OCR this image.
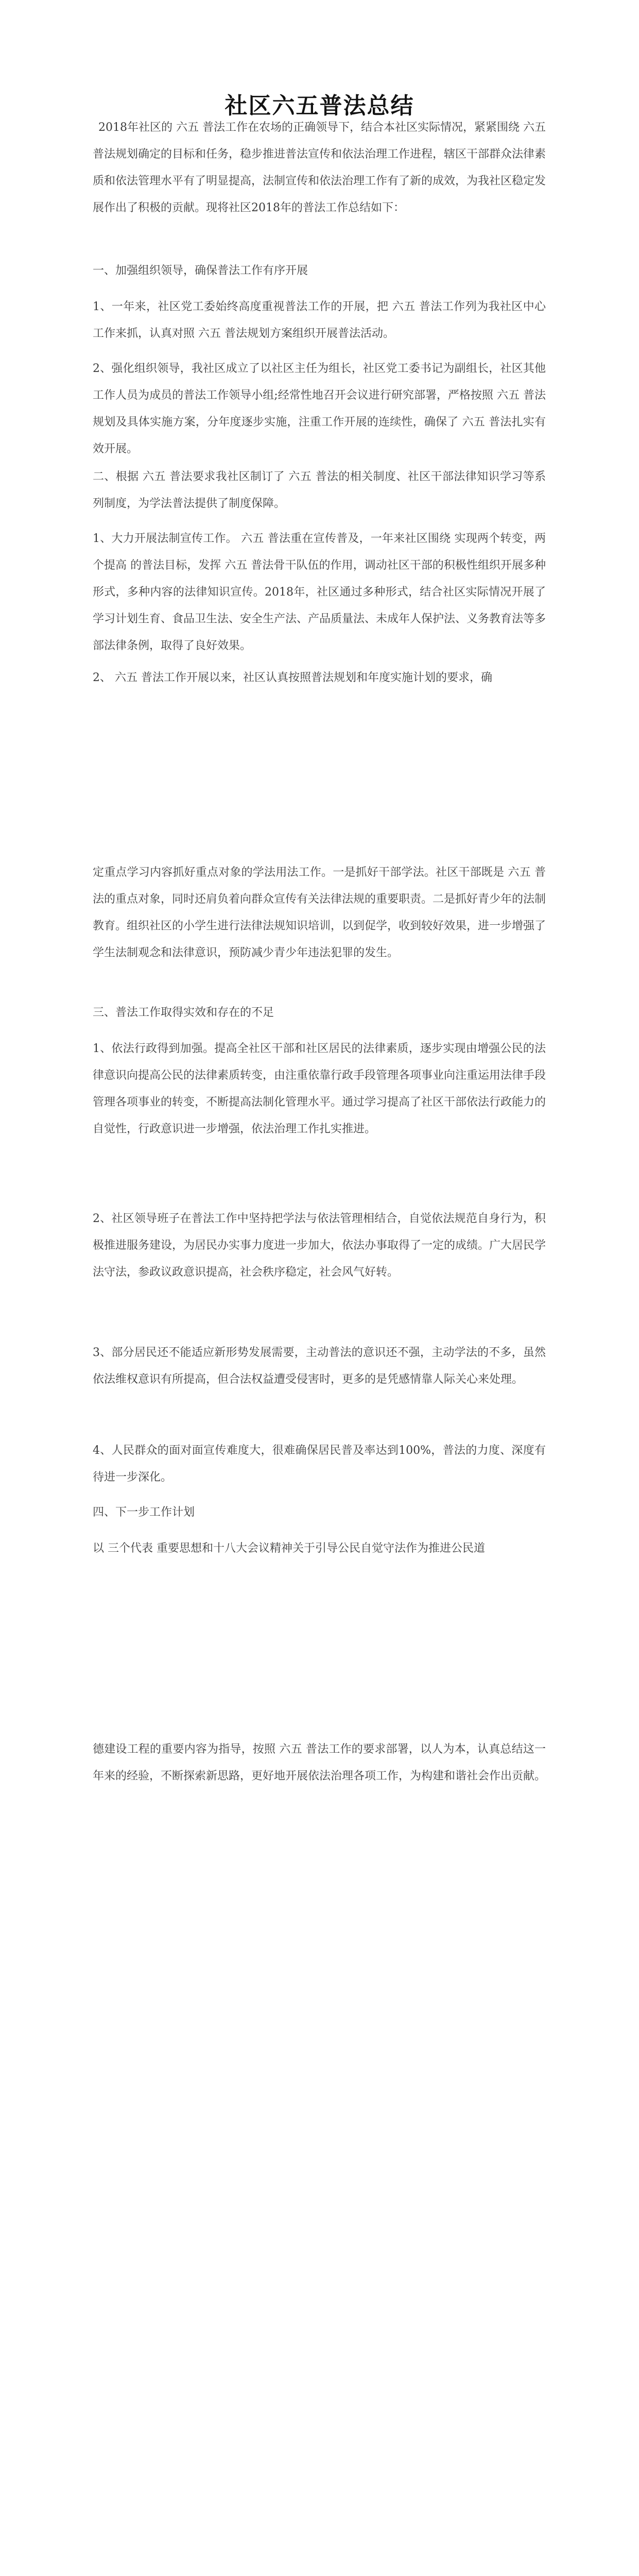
社区六五普法总结

2018年社区的 六五 普法工作在农场的正确领导下，结合本社区实际情况，紧紧围绕 六五 普法规划确定的目标和任务，稳步推进普法宣传和依法治理工作进程，辖区干部群众法律素质和依法管理水平有了明显提高，法制宣传和依法治理工作有了新的成效，为我社区稳定发展作出了积极的贡献。现将社区2018年的普法工作总结如下：

一、加强组织领导，确保普法工作有序开展

1、一年来，社区党工委始终高度重视普法工作的开展，把 六五 普法工作列为我社区中心工作来抓，认真对照 六五 普法规划方案组织开展普法活动。

2、强化组织领导，我社区成立了以社区主任为组长，社区党工委书记为副组长，社区其他工作人员为成员的普法工作领导小组;经常性地召开会议进行研究部署，严格按照 六五 普法规划及具体实施方案，分年度逐步实施，注重工作开展的连续性，确保了 六五 普法扎实有效开展。

二、根据 六五 普法要求我社区制订了 六五 普法的相关制度、社区干部法律知识学习等系列制度，为学法普法提供了制度保障。

1、大力开展法制宣传工作。 六五 普法重在宣传普及，一年来社区围绕 实现两个转变，两个提高 的普法目标，发挥 六五 普法骨干队伍的作用，调动社区干部的积极性组织开展多种形式，多种内容的法律知识宣传。2018年，社区通过多种形式，结合社区实际情况开展了学习计划生育、食品卫生法、安全生产法、产品质量法、未成年人保护法、义务教育法等多部法律条例，取得了良好效果。

2、 六五 普法工作开展以来，社区认真按照普法规划和年度实施计划的要求，确

定重点学习内容抓好重点对象的学法用法工作。一是抓好干部学法。社区干部既是 六五 普法的重点对象，同时还肩负着向群众宣传有关法律法规的重要职责。二是抓好青少年的法制教育。组织社区的小学生进行法律法规知识培训，以到促学，收到较好效果，进一步增强了学生法制观念和法律意识，预防减少青少年违法犯罪的发生。

三、普法工作取得实效和存在的不足

1、依法行政得到加强。提高全社区干部和社区居民的法律素质，逐步实现由增强公民的法律意识向提高公民的法律素质转变，由注重依靠行政手段管理各项事业向注重运用法律手段管理各项事业的转变，不断提高法制化管理水平。通过学习提高了社区干部依法行政能力的自觉性，行政意识进一步增强，依法治理工作扎实推进。

2、社区领导班子在普法工作中坚持把学法与依法管理相结合，自觉依法规范自身行为，积极推进服务建设，为居民办实事力度进一步加大，依法办事取得了一定的成绩。广大居民学法守法，参政议政意识提高，社会秩序稳定，社会风气好转。

3、部分居民还不能适应新形势发展需要，主动普法的意识还不强，主动学法的不多，虽然依法维权意识有所提高，但合法权益遭受侵害时，更多的是凭感情靠人际关心来处理。

4、人民群众的面对面宣传难度大，很难确保居民普及率达到100%，普法的力度、深度有待进一步深化。

四、下一步工作计划

以 三个代表 重要思想和十八大会议精神关于引导公民自觉守法作为推进公民道

德建设工程的重要内容为指导，按照 六五 普法工作的要求部署，以人为本，认真总结这一年来的经验，不断探索新思路，更好地开展依法治理各项工作，为构建和谐社会作出贡献。
